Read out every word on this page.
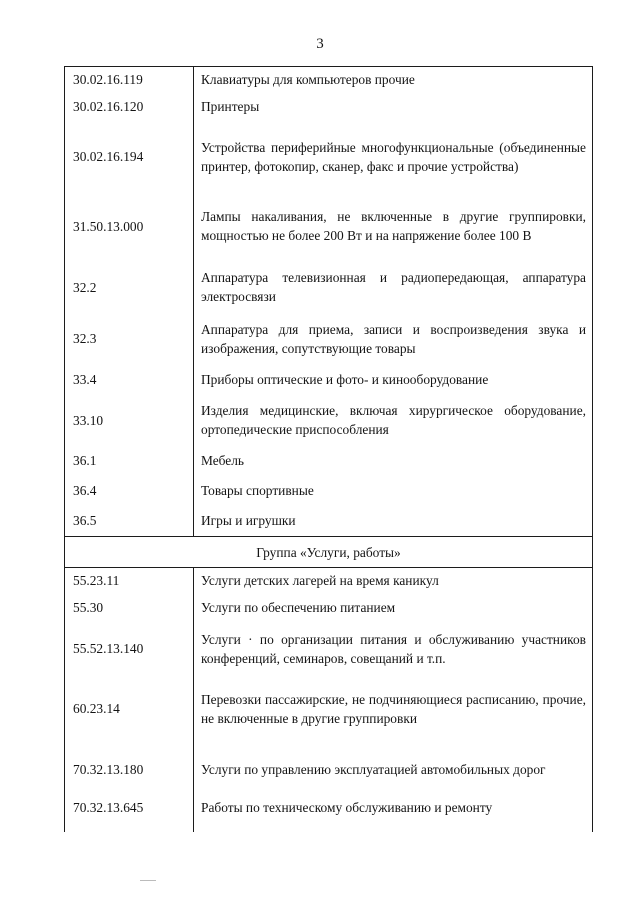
3
30.02.16.119	Клавиатуры для компьютеров прочие
30.02.16.120	Принтеры
30.02.16.194	Устройства периферийные многофункциональные (объединенные принтер, фотокопир, сканер, факс и прочие устройства)
31.50.13.000	Лампы накаливания, не включенные в другие группировки, мощностью не более 200 Вт и на напряжение более 100 В
32.2	Аппаратура телевизионная и радиопередающая, аппаратура электросвязи
32.3	Аппаратура для приема, записи и воспроизведения звука и изображения, сопутствующие товары
33.4	Приборы оптические и фото- и кинооборудование
33.10	Изделия медицинские, включая хирургическое оборудование, ортопедические приспособления
36.1	Мебель
36.4	Товары спортивные
36.5	Игры и игрушки
Группа «Услуги, работы»	
55.23.11	Услуги детских лагерей на время каникул
55.30	Услуги по обеспечению питанием
55.52.13.140	Услуги · по организации питания и обслуживанию участников конференций, семинаров, совещаний и т.п.
60.23.14	Перевозки пассажирские, не подчиняющиеся расписанию, прочие, не включенные в другие группировки
70.32.13.180	Услуги по управлению эксплуатацией автомобильных дорог
70.32.13.645	Работы по техническому обслуживанию и ремонту
